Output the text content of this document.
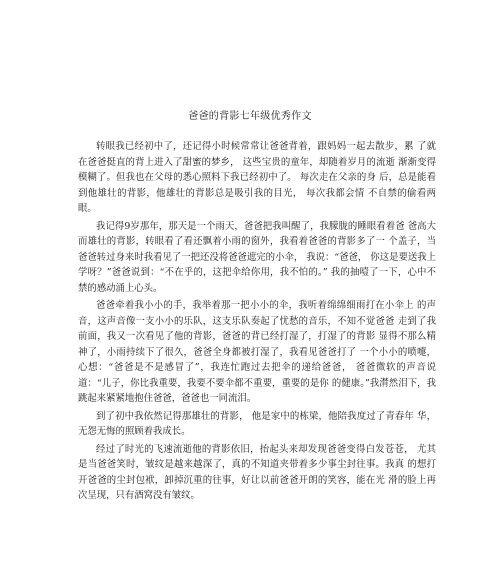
爸爸的背影七年级优秀作文

转眼我已经初中了，还记得小时候常常让爸爸背着，跟妈妈一起去散步，累 了就在爸爸挺直的背上进入了甜蜜的梦乡， 这些宝贵的童年，却随着岁月的流逝 渐渐变得模糊了。但我也在父母的悉心照料下我已经初中了。 每次走在父亲的身 后，总是能看到他雄壮的背影，他雄壮的背影总是吸引我的目光， 每次我都会情 不自禁的偷看两眼。

我记得9岁那年，那天是一个雨天，爸爸把我叫醒了，我朦胧的睡眼看着爸 爸高大而雄壮的背影，转眼看了看还飘着小雨的窗外，我看着爸爸的背影多了一 个盖子，当爸爸转过身来时我看见了一把还没将爸爸遮完的小伞， 我说：“爸爸， 你这是要送我上学呀？”爸爸说到：“不在乎的，这把伞给你用，我不怕的。” 我的抽噎了一下，心中不禁的感动涌上心头。

爸爸牵着我小小的手，我举着那一把小小的伞，我听着绵绵细雨打在小伞上 的声音，这声音像一支小小的乐队，这支乐队奏起了忧愁的音乐，不知不觉爸爸 走到了我前面，我又一次看见了他的背影，爸爸的背已经打湿了，打湿了的背影 显得不那么精神了，小雨持续下了很久，爸爸全身都被打湿了，我看见爸爸打了 一个小小的喷嚏，心想：“爸爸是不是感冒了”，我连忙跑过去把伞的递给爸爸， 爸爸微软的声音说道：“儿子，你比我重要，我要不要伞都不重要，重要的是你 的健康。”我潸然泪下，我跳起来紧紧地抱住爸爸，爸爸也一同流泪。

到了初中我依然记得那雄壮的背影， 他是家中的栋梁，他陪我度过了青春年 华，无怨无悔的照顾着我成长。

经过了时光的飞速流逝他的背影依旧，抬起头来却发现爸爸变得白发苍苍， 尤其是当爸爸笑时，皱纹是越来越深了，真的不知道夹带着多少事尘封往事。我真 的想打开爸爸的尘封包袱，卸掉沉重的往事，好让以前爸爸开朗的笑容，能在光 滑的脸上再次呈现，只有酒窝没有皱纹。
